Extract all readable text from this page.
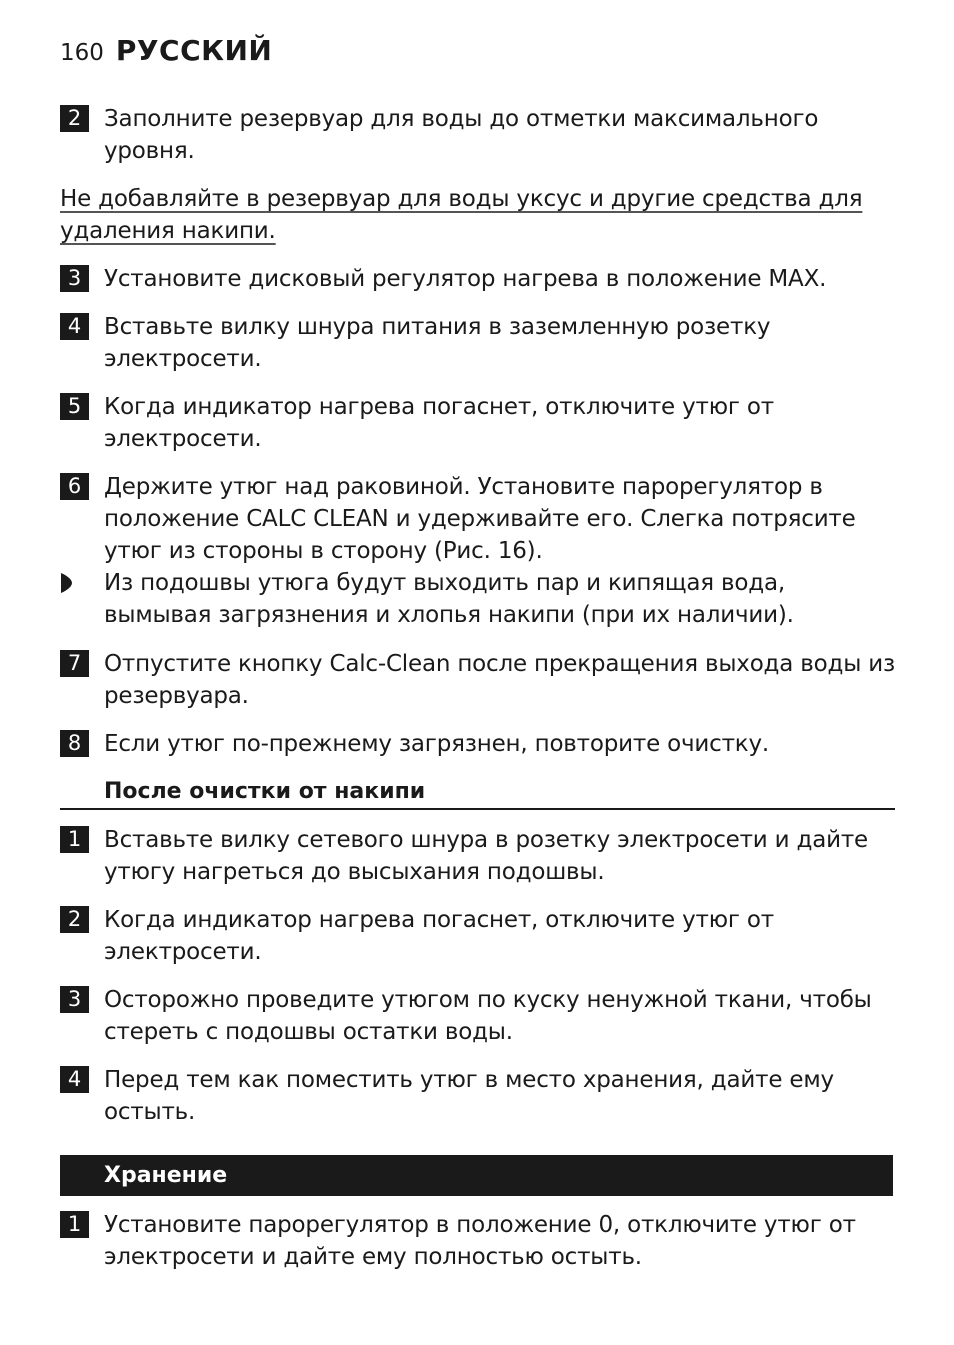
160 РУССКИЙ
2 Заполните резервуар для воды до отметки максимального уровня.
Не добавляйте в резервуар для воды уксус и другие средства для удаления накипи.
3 Установите дисковый регулятор нагрева в положение MAX.
4 Вставьте вилку шнура питания в заземленную розетку электросети.
5 Когда индикатор нагрева погаснет, отключите утюг от электросети.
6 Держите утюг над раковиной. Установите парорегулятор в положение CALC CLEAN и удерживайте его. Слегка потрясите утюг из стороны в сторону (Рис. 16).
Из подошвы утюга будут выходить пар и кипящая вода, вымывая загрязнения и хлопья накипи (при их наличии).
7 Отпустите кнопку Calc-Clean после прекращения выхода воды из резервуара.
8 Если утюг по-прежнему загрязнен, повторите очистку.
После очистки от накипи
1 Вставьте вилку сетевого шнура в розетку электросети и дайте утюгу нагреться до высыхания подошвы.
2 Когда индикатор нагрева погаснет, отключите утюг от электросети.
3 Осторожно проведите утюгом по куску ненужной ткани, чтобы стереть с подошвы остатки воды.
4 Перед тем как поместить утюг в место хранения, дайте ему остыть.
Хранение
1 Установите парорегулятор в положение 0, отключите утюг от электросети и дайте ему полностью остыть.
